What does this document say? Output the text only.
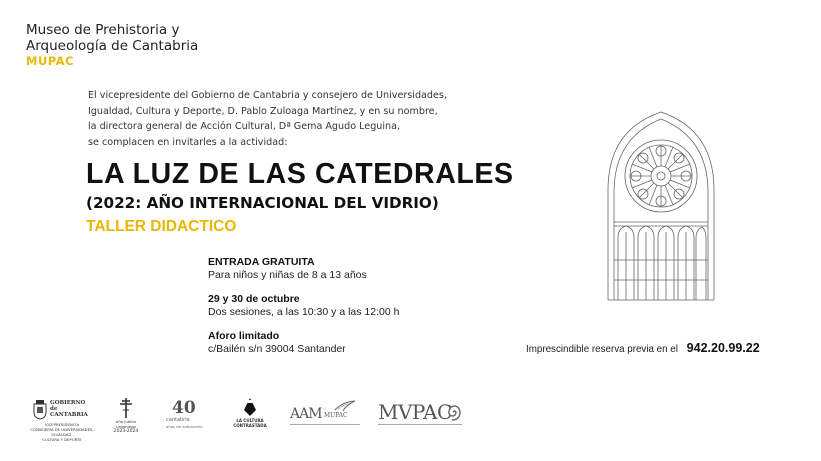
Museo de Prehistoria y
Arqueología de Cantabria
MUPAC
El vicepresidente del Gobierno de Cantabria y consejero de Universidades,
Igualdad, Cultura y Deporte, D. Pablo Zuloaga Martínez, y en su nombre,
la directora general de Acción Cultural, Dª Gema Agudo Leguina,
se complacen en invitarles a la actividad:
LA LUZ DE LAS CATEDRALES
(2022: AÑO INTERNACIONAL DEL VIDRIO)
TALLER DIDACTICO
ENTRADA GRATUITA
Para niños y niñas de 8 a 13 años
29 y 30 de octubre
Dos sesiones, a las 10:30 y a las 12:00 h
Aforo limitado
c/Bailén s/n 39004 Santander	Imprescindible reserva previa en el 942.20.99.22
GOBIERNO
de
CANTABRIA
VICEPRESIDENCIA
CONSEJERÍA DE UNIVERSIDADES, IGUALDAD,
CULTURA Y DEPORTE
Año Jubilar
Lebaniego
2023-2024
40
cantabria
años de autonomía
LA CULTURA
CONTRASTADA
AAM MUPAC MVPAC
